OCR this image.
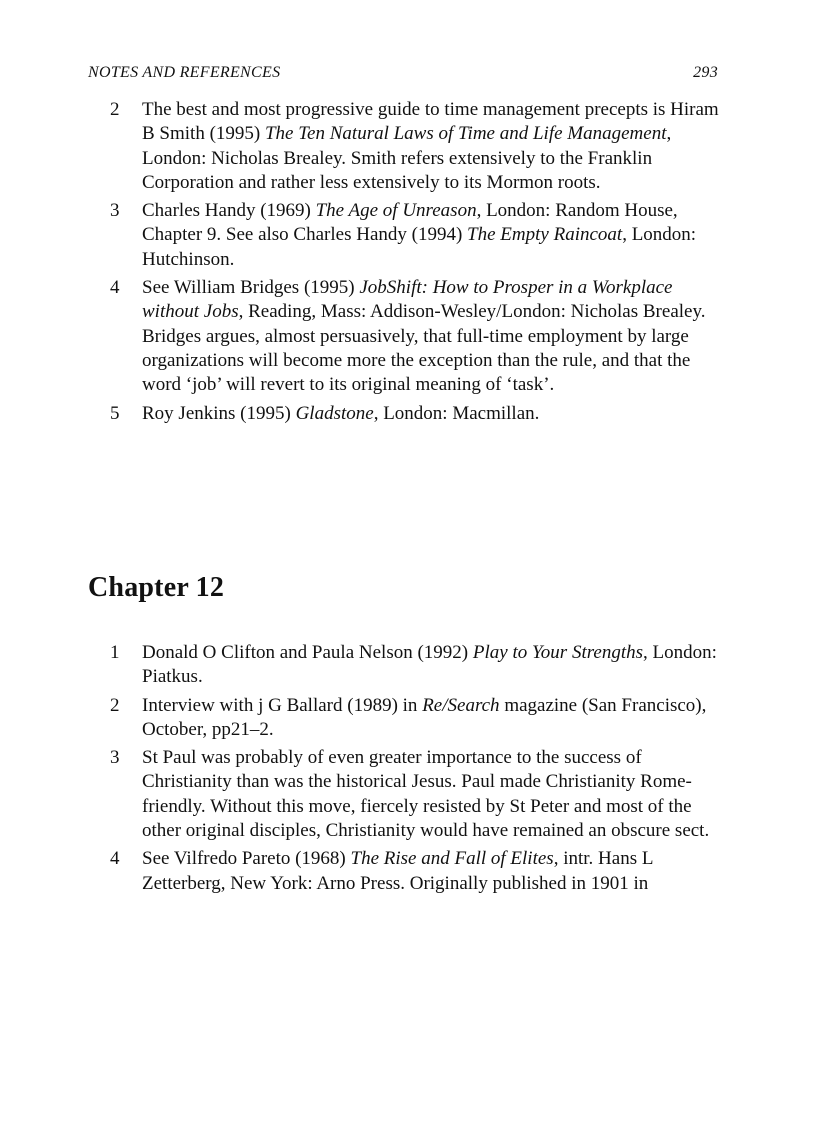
NOTES AND REFERENCES	293
2 The best and most progressive guide to time management precepts is Hiram B Smith (1995) The Ten Natural Laws of Time and Life Management, London: Nicholas Brealey. Smith refers extensively to the Franklin Corporation and rather less extensively to its Mormon roots.
3 Charles Handy (1969) The Age of Unreason, London: Random House, Chapter 9. See also Charles Handy (1994) The Empty Raincoat, London: Hutchinson.
4 See William Bridges (1995) JobShift: How to Prosper in a Workplace without Jobs, Reading, Mass: Addison-Wesley/London: Nicholas Brealey. Bridges argues, almost persuasively, that full-time employment by large organizations will become more the exception than the rule, and that the word ‘job’ will revert to its original meaning of ‘task’.
5 Roy Jenkins (1995) Gladstone, London: Macmillan.
Chapter 12
1 Donald O Clifton and Paula Nelson (1992) Play to Your Strengths, London: Piatkus.
2 Interview with j G Ballard (1989) in Re/Search magazine (San Francisco), October, pp21–2.
3 St Paul was probably of even greater importance to the success of Christianity than was the historical Jesus. Paul made Christianity Rome-friendly. Without this move, fiercely resisted by St Peter and most of the other original disciples, Christianity would have remained an obscure sect.
4 See Vilfredo Pareto (1968) The Rise and Fall of Elites, intr. Hans L Zetterberg, New York: Arno Press. Originally published in 1901 in
